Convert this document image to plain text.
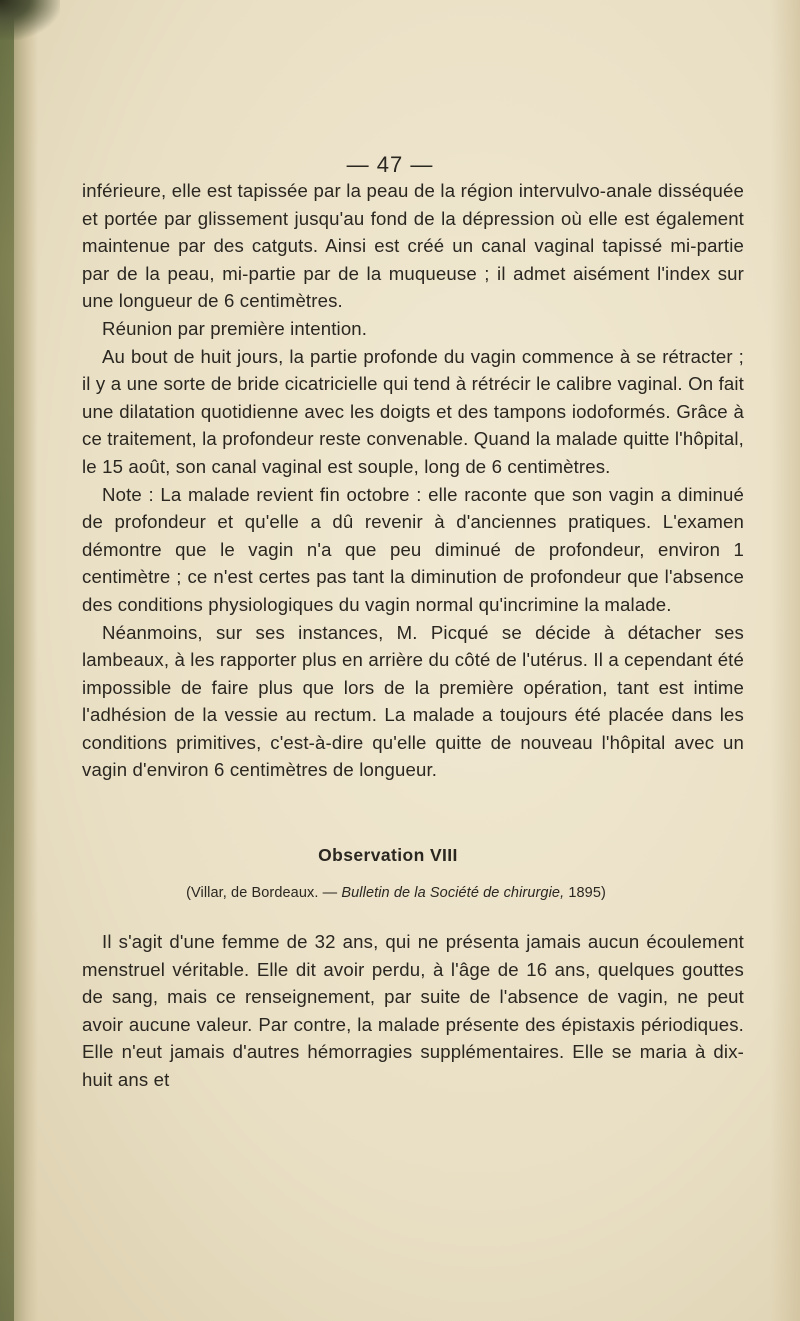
— 47 —

inférieure, elle est tapissée par la peau de la région intervulvo-anale disséquée et portée par glissement jusqu'au fond de la dépression où elle est également maintenue par des catguts. Ainsi est créé un canal vaginal tapissé mi-partie par de la peau, mi-partie par de la muqueuse ; il admet aisément l'index sur une longueur de 6 centimètres.

Réunion par première intention.

Au bout de huit jours, la partie profonde du vagin commence à se rétracter ; il y a une sorte de bride cicatricielle qui tend à rétrécir le calibre vaginal. On fait une dilatation quotidienne avec les doigts et des tampons iodoformés. Grâce à ce traitement, la profondeur reste convenable. Quand la malade quitte l'hôpital, le 15 août, son canal vaginal est souple, long de 6 centimètres.

Note : La malade revient fin octobre : elle raconte que son vagin a diminué de profondeur et qu'elle a dû revenir à d'anciennes pratiques. L'examen démontre que le vagin n'a que peu diminué de profondeur, environ 1 centimètre ; ce n'est certes pas tant la diminution de profondeur que l'absence des conditions physiologiques du vagin normal qu'incrimine la malade.

Néanmoins, sur ses instances, M. Picqué se décide à détacher ses lambeaux, à les rapporter plus en arrière du côté de l'utérus. Il a cependant été impossible de faire plus que lors de la première opération, tant est intime l'adhésion de la vessie au rectum. La malade a toujours été placée dans les conditions primitives, c'est-à-dire qu'elle quitte de nouveau l'hôpital avec un vagin d'environ 6 centimètres de longueur.

Observation VIII
(Villar, de Bordeaux. — Bulletin de la Société de chirurgie, 1895)

Il s'agit d'une femme de 32 ans, qui ne présenta jamais aucun écoulement menstruel véritable. Elle dit avoir perdu, à l'âge de 16 ans, quelques gouttes de sang, mais ce renseignement, par suite de l'absence de vagin, ne peut avoir aucune valeur. Par contre, la malade présente des épistaxis périodiques. Elle n'eut jamais d'autres hémorragies supplémentaires. Elle se maria à dix-huit ans et
